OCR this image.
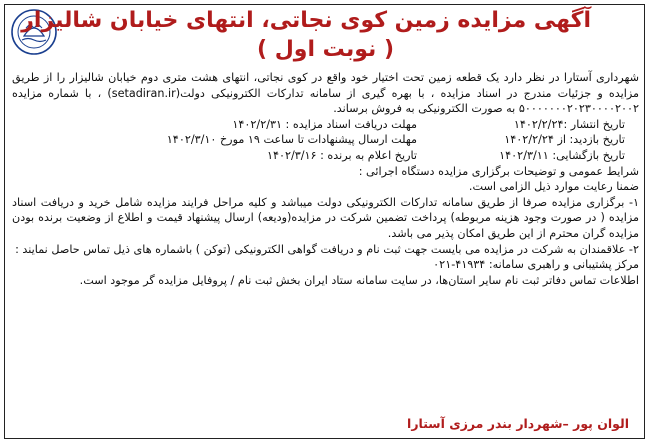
آگهی مزایده زمین کوی نجاتی، انتهای خیابان شالیزار
( نوبت اول )

شهرداری آستارا در نظر دارد یک قطعه زمین تحت اختیار خود واقع در کوی نجاتی، انتهای هشت متری دوم خیابان شالیزار را از طریق مزایده و جزئیات مندرج در اسناد مزایده ، با بهره گیری از سامانه تدارکات الکترونیکی دولت(setadiran.ir) ، با شماره مزایده ۵۰۰۰۰۰۰۰۲۰۲۳۰۰۰۰۲۰۰۲ به صورت الکترونیکی به فروش برساند.

تاریخ انتشار :۱۴۰۲/۲/۲۴
مهلت دریافت اسناد مزایده : ۱۴۰۲/۲/۳۱
تاریخ بازدید: از ۱۴۰۲/۲/۲۴
مهلت ارسال پیشنهادات تا ساعت ۱۹ مورخ ۱۴۰۲/۳/۱۰
تاریخ بازگشایی: ۱۴۰۲/۳/۱۱
تاریخ اعلام به برنده : ۱۴۰۲/۳/۱۶

شرایط عمومی و توضیحات برگزاری مزایده دستگاه اجرائی :

ضمنا رعایت موارد ذیل الزامی است.

۱- برگزاری مزایده صرفا از طریق سامانه تدارکات الکترونیکی دولت میباشد و کلیه مراحل فرایند مزایده شامل خرید و دریافت اسناد مزایده ( در صورت وجود هزینه مربوطه) پرداخت تضمین شرکت در مزایده(ودیعه) ارسال پیشنهاد قیمت و اطلاع از وضعیت برنده بودن مزایده گران محترم از این طریق امکان پذیر می باشد.

۲- علاقمندان به شرکت در مزایده می بایست جهت ثبت نام و دریافت گواهی الکترونیکی (توکن ) باشماره های ذیل تماس حاصل نمایند :

مرکز پشتیبانی و راهبری سامانه: ۴۱۹۳۴-۰۲۱

اطلاعات تماس دفاتر ثبت نام سایر استان‌ها، در سایت سامانه ستاد ایران بخش ثبت نام / پروفایل مزایده گر موجود است.

الوان پور –شهردار بندر مرزی آستارا
